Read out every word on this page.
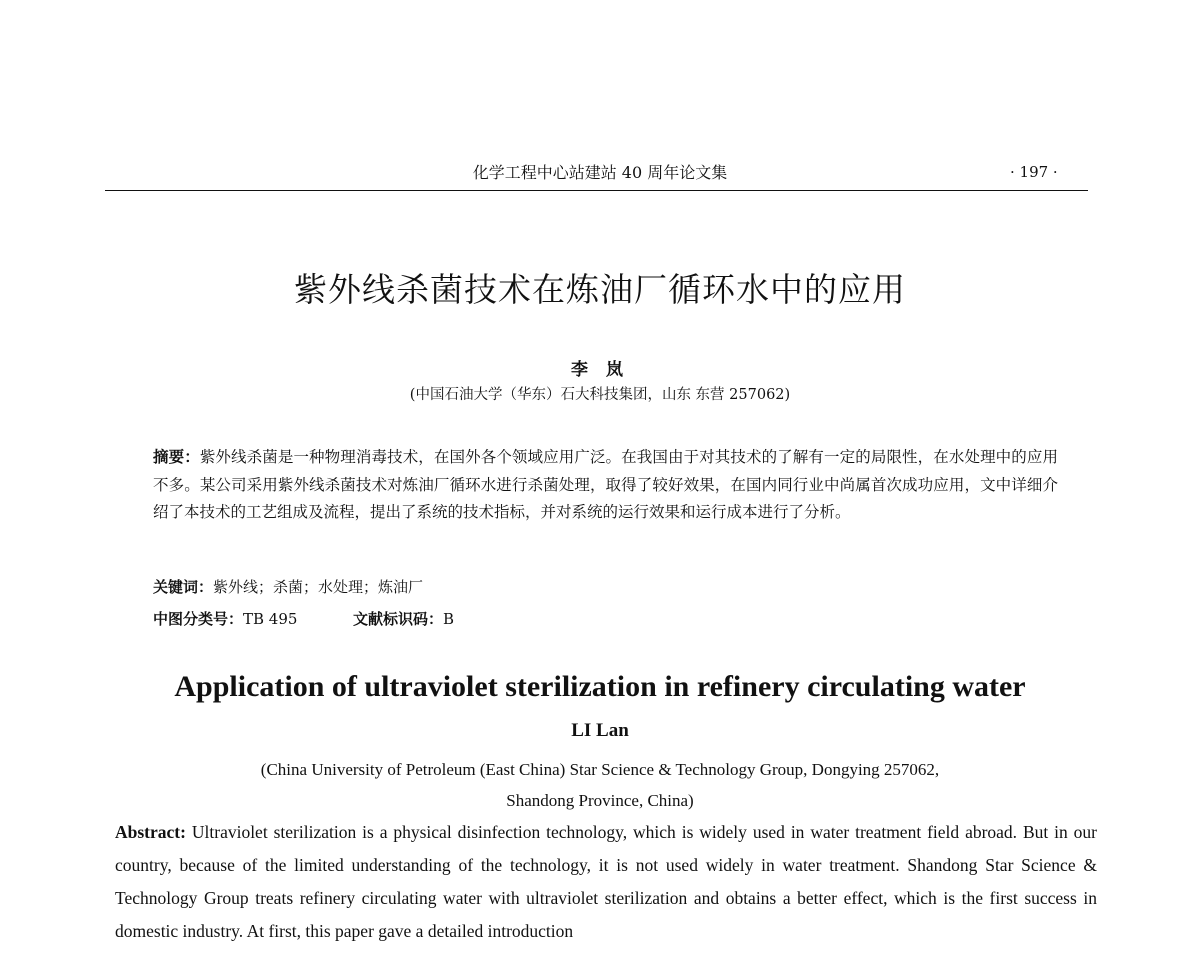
化学工程中心站建站 40 周年论文集	· 197 ·
紫外线杀菌技术在炼油厂循环水中的应用
李 岚
(中国石油大学（华东）石大科技集团，山东 东营 257062)
摘要：紫外线杀菌是一种物理消毒技术，在国外各个领域应用广泛。在我国由于对其技术的了解有一定的局限性，在水处理中的应用不多。某公司采用紫外线杀菌技术对炼油厂循环水进行杀菌处理，取得了较好效果，在国内同行业中尚属首次成功应用，文中详细介绍了本技术的工艺组成及流程，提出了系统的技术指标，并对系统的运行效果和运行成本进行了分析。
关键词：紫外线；杀菌；水处理；炼油厂
中图分类号：TB 495	文献标识码：B
Application of ultraviolet sterilization in refinery circulating water
LI Lan
(China University of Petroleum (East China) Star Science & Technology Group, Dongying 257062,
Shandong Province, China)
Abstract: Ultraviolet sterilization is a physical disinfection technology, which is widely used in water treatment field abroad. But in our country, because of the limited understanding of the technology, it is not used widely in water treatment. Shandong Star Science & Technology Group treats refinery circulating water with ultraviolet sterilization and obtains a better effect, which is the first success in domestic industry. At first, this paper gave a detailed introduction
